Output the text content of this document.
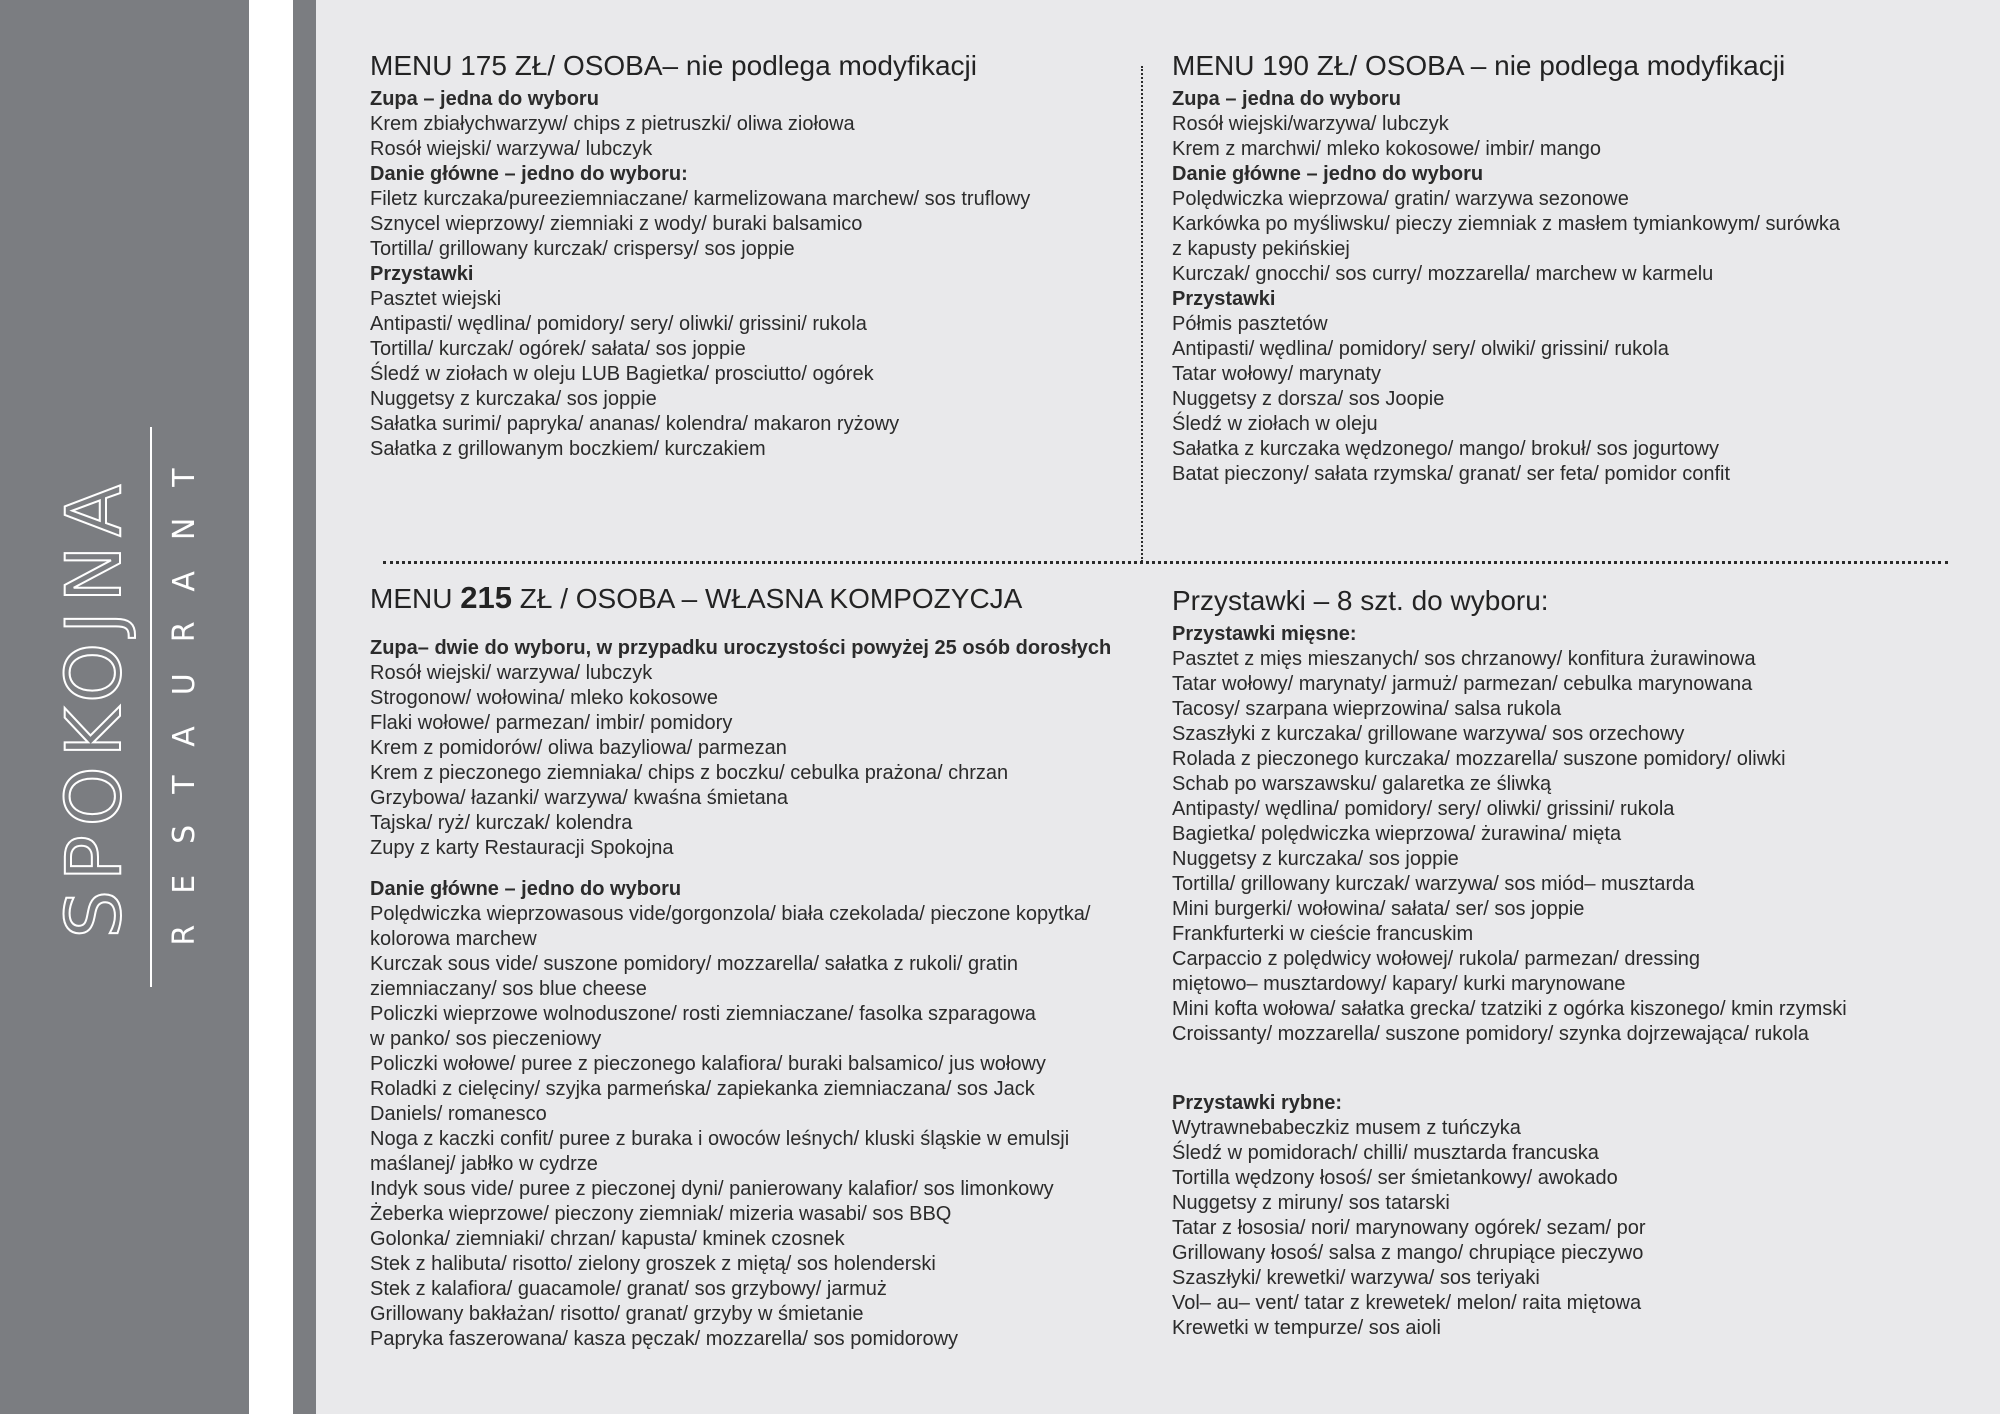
SPOKOJNA RESTAURANT
MENU 175 ZŁ/ OSOBA– nie podlega modyfikacji

Zupa – jedna do wyboru

Krem zbiałychwarzyw/ chips z pietruszki/ oliwa ziołowa

Rosół wiejski/ warzywa/ lubczyk

Danie główne – jedno do wyboru:

Filetz kurczaka/pureeziemniaczane/ karmelizowana marchew/ sos truflowy

Sznycel wieprzowy/ ziemniaki z wody/ buraki balsamico

Tortilla/ grillowany kurczak/ crispersy/ sos joppie

Przystawki

Pasztet wiejski

Antipasti/ wędlina/ pomidory/ sery/ oliwki/ grissini/ rukola

Tortilla/ kurczak/ ogórek/ sałata/ sos joppie

Śledź w ziołach w oleju LUB Bagietka/ prosciutto/ ogórek

Nuggetsy z kurczaka/ sos joppie

Sałatka surimi/ papryka/ ananas/ kolendra/ makaron ryżowy

Sałatka z grillowanym boczkiem/ kurczakiem

MENU 190 ZŁ/ OSOBA – nie podlega modyfikacji

Zupa – jedna do wyboru

Rosół wiejski/warzywa/ lubczyk

Krem z marchwi/ mleko kokosowe/ imbir/ mango

Danie główne – jedno do wyboru

Polędwiczka wieprzowa/ gratin/ warzywa sezonowe

Karkówka po myśliwsku/ pieczy ziemniak z masłem tymiankowym/ surówka

z kapusty pekińskiej

Kurczak/ gnocchi/ sos curry/ mozzarella/ marchew w karmelu

Przystawki

Półmis pasztetów

Antipasti/ wędlina/ pomidory/ sery/ olwiki/ grissini/ rukola

Tatar wołowy/ marynaty

Nuggetsy z dorsza/ sos Joopie

Śledź w ziołach w oleju

Sałatka z kurczaka wędzonego/ mango/ brokuł/ sos jogurtowy

Batat pieczony/ sałata rzymska/ granat/ ser feta/ pomidor confit

MENU 215 ZŁ / OSOBA – WŁASNA KOMPOZYCJA

Zupa– dwie do wyboru, w przypadku uroczystości powyżej 25 osób dorosłych

Rosół wiejski/ warzywa/ lubczyk

Strogonow/ wołowina/ mleko kokosowe

Flaki wołowe/ parmezan/ imbir/ pomidory

Krem z pomidorów/ oliwa bazyliowa/ parmezan

Krem z pieczonego ziemniaka/ chips z boczku/ cebulka prażona/ chrzan

Grzybowa/ łazanki/ warzywa/ kwaśna śmietana

Tajska/ ryż/ kurczak/ kolendra

Zupy z karty Restauracji Spokojna

Danie główne – jedno do wyboru

Polędwiczka wieprzowasous vide/gorgonzola/ biała czekolada/ pieczone kopytka/

kolorowa marchew

Kurczak sous vide/ suszone pomidory/ mozzarella/ sałatka z rukoli/ gratin

ziemniaczany/ sos blue cheese

Policzki wieprzowe wolnoduszone/ rosti ziemniaczane/ fasolka szparagowa

w panko/ sos pieczeniowy

Policzki wołowe/ puree z pieczonego kalafiora/ buraki balsamico/ jus wołowy

Roladki z cielęciny/ szyjka parmeńska/ zapiekanka ziemniaczana/ sos Jack

Daniels/ romanesco

Noga z kaczki confit/ puree z buraka i owoców leśnych/ kluski śląskie w emulsji

maślanej/ jabłko w cydrze

Indyk sous vide/ puree z pieczonej dyni/ panierowany kalafior/ sos limonkowy

Żeberka wieprzowe/ pieczony ziemniak/ mizeria wasabi/ sos BBQ

Golonka/ ziemniaki/ chrzan/ kapusta/ kminek czosnek

Stek z halibuta/ risotto/ zielony groszek z miętą/ sos holenderski

Stek z kalafiora/ guacamole/ granat/ sos grzybowy/ jarmuż

Grillowany bakłażan/ risotto/ granat/ grzyby w śmietanie

Papryka faszerowana/ kasza pęczak/ mozzarella/ sos pomidorowy

Przystawki – 8 szt. do wyboru:

Przystawki mięsne:

Pasztet z mięs mieszanych/ sos chrzanowy/ konfitura żurawinowa

Tatar wołowy/ marynaty/ jarmuż/ parmezan/ cebulka marynowana

Tacosy/ szarpana wieprzowina/ salsa rukola

Szaszłyki z kurczaka/ grillowane warzywa/ sos orzechowy

Rolada z pieczonego kurczaka/ mozzarella/ suszone pomidory/ oliwki

Schab po warszawsku/ galaretka ze śliwką

Antipasty/ wędlina/ pomidory/ sery/ oliwki/ grissini/ rukola

Bagietka/ polędwiczka wieprzowa/ żurawina/ mięta

Nuggetsy z kurczaka/ sos joppie

Tortilla/ grillowany kurczak/ warzywa/ sos miód– musztarda

Mini burgerki/ wołowina/ sałata/ ser/ sos joppie

Frankfurterki w cieście francuskim

Carpaccio z polędwicy wołowej/ rukola/ parmezan/ dressing

miętowo– musztardowy/ kapary/ kurki marynowane

Mini kofta wołowa/ sałatka grecka/ tzatziki z ogórka kiszonego/ kmin rzymski

Croissanty/ mozzarella/ suszone pomidory/ szynka dojrzewająca/ rukola

Przystawki rybne:

Wytrawnebabeczkiz musem z tuńczyka

Śledź w pomidorach/ chilli/ musztarda francuska

Tortilla wędzony łosoś/ ser śmietankowy/ awokado

Nuggetsy z miruny/ sos tatarski

Tatar z łososia/ nori/ marynowany ogórek/ sezam/ por

Grillowany łosoś/ salsa z mango/ chrupiące pieczywo

Szaszłyki/ krewetki/ warzywa/ sos teriyaki

Vol– au– vent/ tatar z krewetek/ melon/ raita miętowa

Krewetki w tempurze/ sos aioli
